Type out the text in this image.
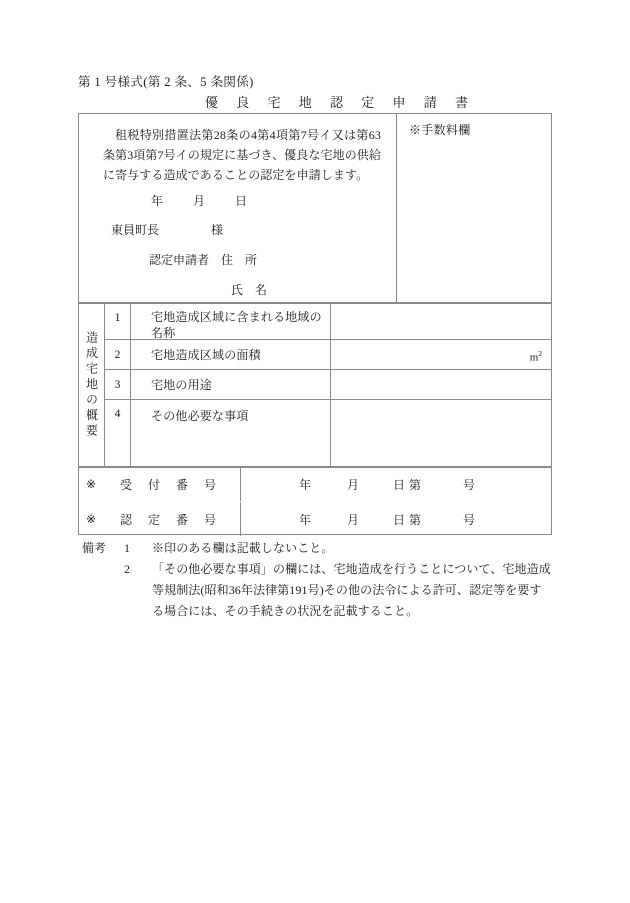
第 1 号様式(第 2 条、5 条関係)
優 良 宅 地 認 定 申 請 書
租税特別措置法第28条の4第4項第7号イ又は第63条第3項第7号イの規定に基づき、優良な宅地の供給に寄与する造成であることの認定を申請します。
年	月	日
東員町長	様
認定申請者 住　所
氏　名
※手数料欄
造成宅地の概要
1	宅地造成区域に含まれる地域の名称
2	宅地造成区域の面積	$m^2$
3	宅地の用途
4	その他必要な事項
※	受	付	番	号	年	月	日 第	号
※	認	定	番	号	年	月	日 第	号
備考 1 ※印のある欄は記載しないこと。
2 「その他必要な事項」の欄には、宅地造成を行うことについて、宅地造成等規制法(昭和36年法律第191号)その他の法令による許可、認定等を要する場合には、その手続きの状況を記載すること。
